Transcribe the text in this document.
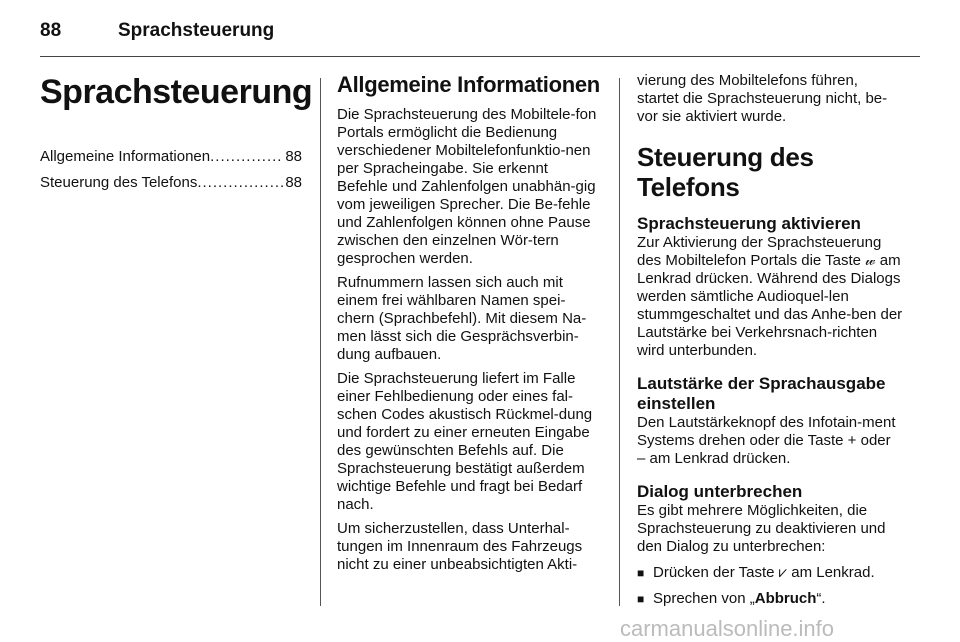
88	Sprachsteuerung
Sprachsteuerung
Allgemeine Informationen .....	88
Steuerung des Telefons .....	88
Allgemeine Informationen

Die Sprachsteuerung des Mobiltele-fon Portals ermöglicht die Bedienung verschiedener Mobiltelefonfunktio-nen per Spracheingabe. Sie erkennt Befehle und Zahlenfolgen unabhän-gig vom jeweiligen Sprecher. Die Be-fehle und Zahlenfolgen können ohne Pause zwischen den einzelnen Wör-tern gesprochen werden.

Rufnummern lassen sich auch mit einem frei wählbaren Namen spei-chern (Sprachbefehl). Mit diesem Na-men lässt sich die Gesprächsverbin-dung aufbauen.

Die Sprachsteuerung liefert im Falle einer Fehlbedienung oder eines fal-schen Codes akustisch Rückmel-dung und fordert zu einer erneuten Eingabe des gewünschten Befehls auf. Die Sprachsteuerung bestätigt außerdem wichtige Befehle und fragt bei Bedarf nach.

Um sicherzustellen, dass Unterhal-tungen im Innenraum des Fahrzeugs nicht zu einer unbeabsichtigten Akti-

vierung des Mobiltelefons führen, startet die Sprachsteuerung nicht, be-vor sie aktiviert wurde.

Steuerung des Telefons
Sprachsteuerung aktivieren

Zur Aktivierung der Sprachsteuerung des Mobiltelefon Portals die Taste 𝓌 am Lenkrad drücken. Während des Dialogs werden sämtliche Audioquel-len stummgeschaltet und das Anhe-ben der Lautstärke bei Verkehrsnach-richten wird unterbunden.

Lautstärke der Sprachausgabe einstellen

Den Lautstärkeknopf des Infotain-ment Systems drehen oder die Taste + oder – am Lenkrad drücken.

Dialog unterbrechen

Es gibt mehrere Möglichkeiten, die Sprachsteuerung zu deaktivieren und den Dialog zu unterbrechen:

■ Drücken der Taste ⩗ am Lenkrad.
■ Sprechen von „Abbruch“.
carmanualsonline.info
